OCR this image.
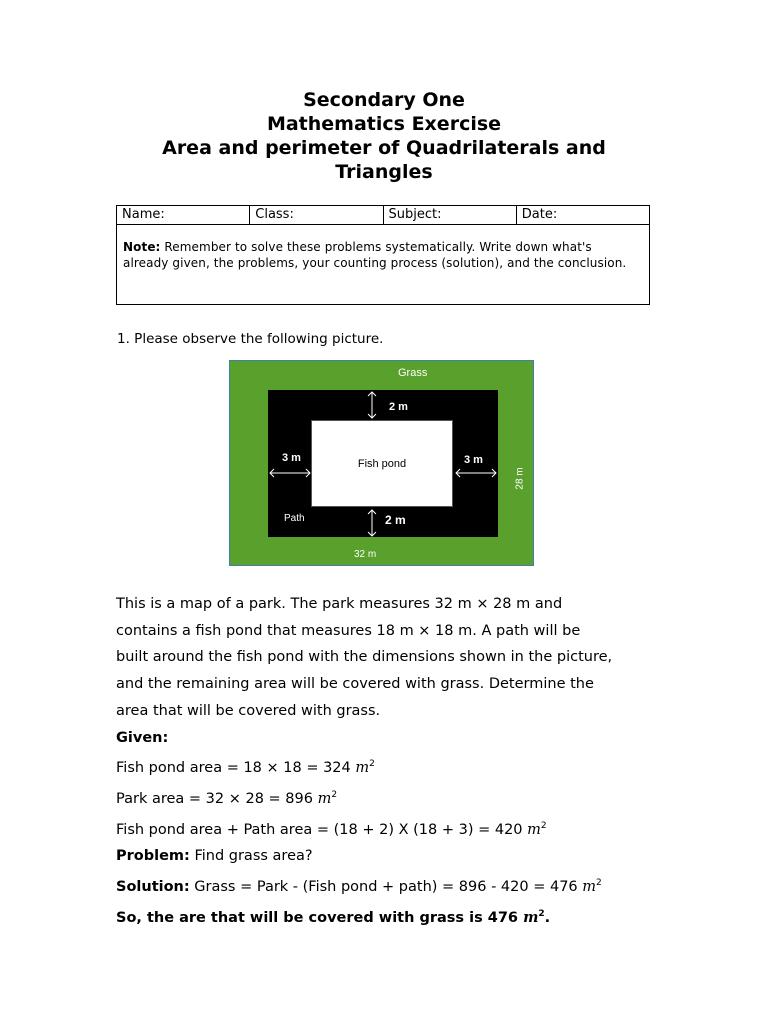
Secondary One
Mathematics Exercise
Area and perimeter of Quadrilaterals and
Triangles
Name:	Class:	Subject:	Date:
Note: Remember to solve these problems systematically. Write down what's already given, the problems, your counting process (solution), and the conclusion.
1. Please observe the following picture.
Grass
Fish pond
2 m
2 m
3 m	3 m
Path
32 m
28 m

This is a map of a park. The park measures 32 m × 28 m and

contains a fish pond that measures 18 m × 18 m. A path will be

built around the fish pond with the dimensions shown in the picture,

and the remaining area will be covered with grass. Determine the

area that will be covered with grass.

Given:

Fish pond area = 18 × 18 = 324 $m^2$

Park area = 32 × 28 = 896 $m^2$

Fish pond area + Path area = (18 + 2) X (18 + 3) = 420 $m^2$

Problem: Find grass area?

Solution: Grass = Park - (Fish pond + path) = 896 - 420 = 476 $m^2$

So, the are that will be covered with grass is 476 $m^2$.
